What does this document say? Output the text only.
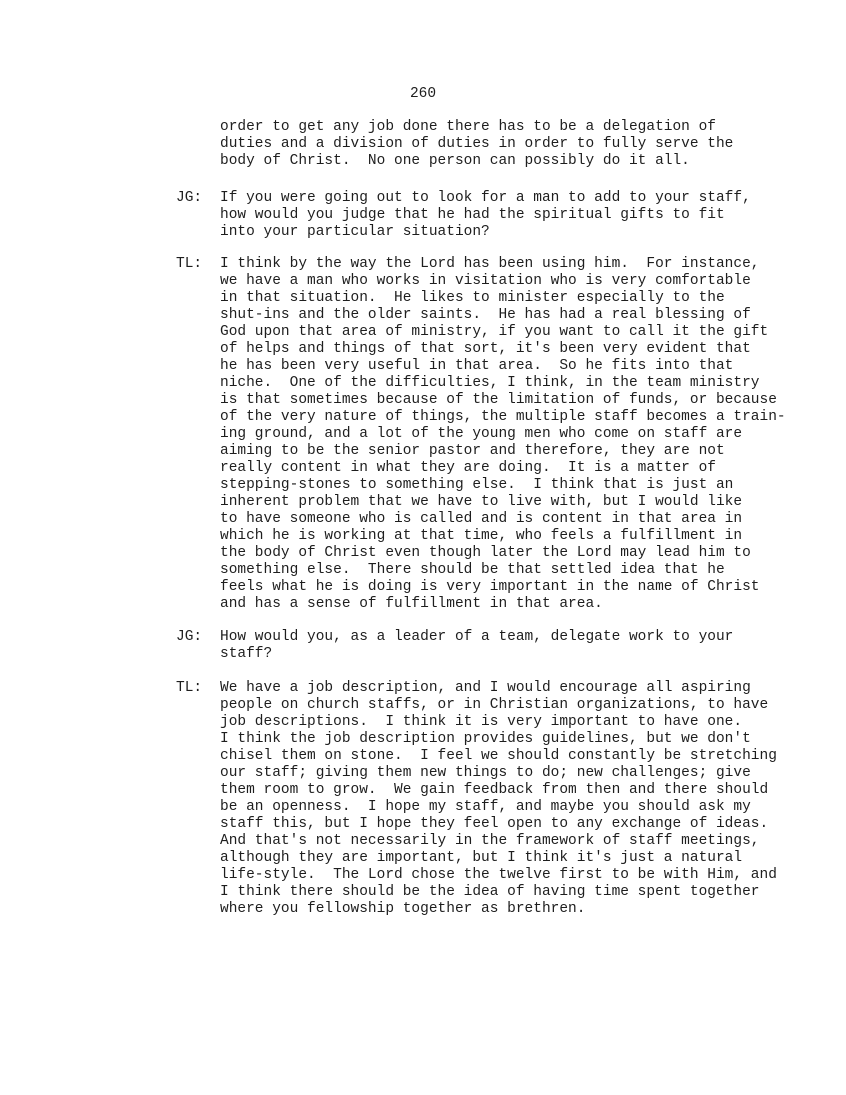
260
order to get any job done there has to be a delegation of
duties and a division of duties in order to fully serve the
body of Christ.  No one person can possibly do it all.
JG: If you were going out to look for a man to add to your staff,
how would you judge that he had the spiritual gifts to fit
into your particular situation?
TL: I think by the way the Lord has been using him.  For instance,
we have a man who works in visitation who is very comfortable
in that situation.  He likes to minister especially to the
shut-ins and the older saints.  He has had a real blessing of
God upon that area of ministry, if you want to call it the gift
of helps and things of that sort, it's been very evident that
he has been very useful in that area.  So he fits into that
niche.  One of the difficulties, I think, in the team ministry
is that sometimes because of the limitation of funds, or because
of the very nature of things, the multiple staff becomes a train-
ing ground, and a lot of the young men who come on staff are
aiming to be the senior pastor and therefore, they are not
really content in what they are doing.  It is a matter of
stepping-stones to something else.  I think that is just an
inherent problem that we have to live with, but I would like
to have someone who is called and is content in that area in
which he is working at that time, who feels a fulfillment in
the body of Christ even though later the Lord may lead him to
something else.  There should be that settled idea that he
feels what he is doing is very important in the name of Christ
and has a sense of fulfillment in that area.
JG: How would you, as a leader of a team, delegate work to your
staff?
TL: We have a job description, and I would encourage all aspiring
people on church staffs, or in Christian organizations, to have
job descriptions.  I think it is very important to have one.
I think the job description provides guidelines, but we don't
chisel them on stone.  I feel we should constantly be stretching
our staff; giving them new things to do; new challenges; give
them room to grow.  We gain feedback from then and there should
be an openness.  I hope my staff, and maybe you should ask my
staff this, but I hope they feel open to any exchange of ideas.
And that's not necessarily in the framework of staff meetings,
although they are important, but I think it's just a natural
life-style.  The Lord chose the twelve first to be with Him, and
I think there should be the idea of having time spent together
where you fellowship together as brethren.
